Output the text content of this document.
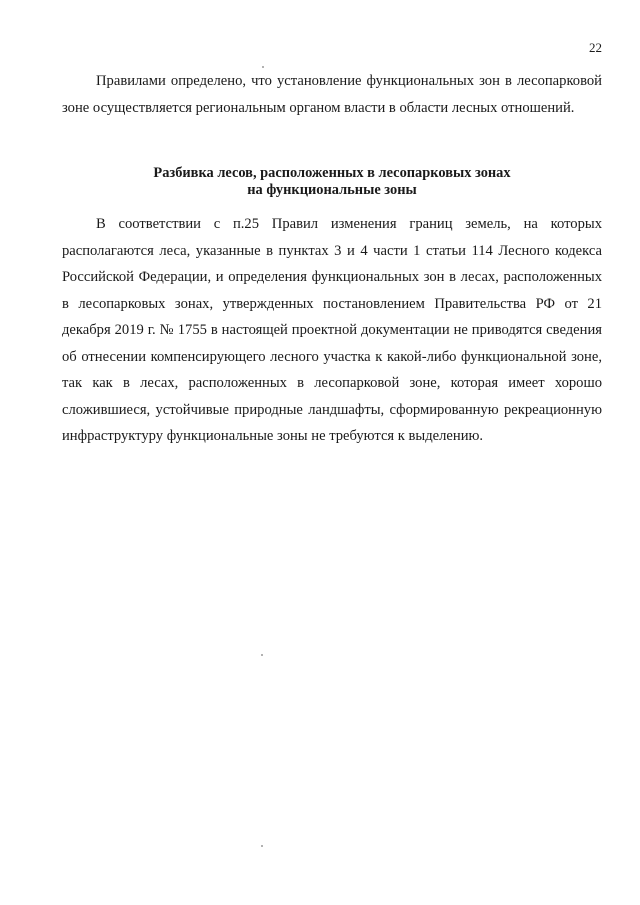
22

Правилами определено, что установление функциональных зон в лесопарковой зоне осуществляется региональным органом власти в области лесных отношений.

Разбивка лесов, расположенных в лесопарковых зонах
на функциональные зоны

В соответствии с п.25 Правил изменения границ земель, на которых располагаются леса, указанные в пунктах 3 и 4 части 1 статьи 114 Лесного кодекса Российской Федерации, и определения функциональных зон в лесах, расположенных в лесопарковых зонах, утвержденных постановлением Правительства РФ от 21 декабря 2019 г. № 1755 в настоящей проектной документации не приводятся сведения об отнесении компенсирующего лесного участка к какой-либо функциональной зоне, так как в лесах, расположенных в лесопарковой зоне, которая имеет хорошо сложившиеся, устойчивые природные ландшафты, сформированную рекреационную инфраструктуру функциональные зоны не требуются к выделению.
